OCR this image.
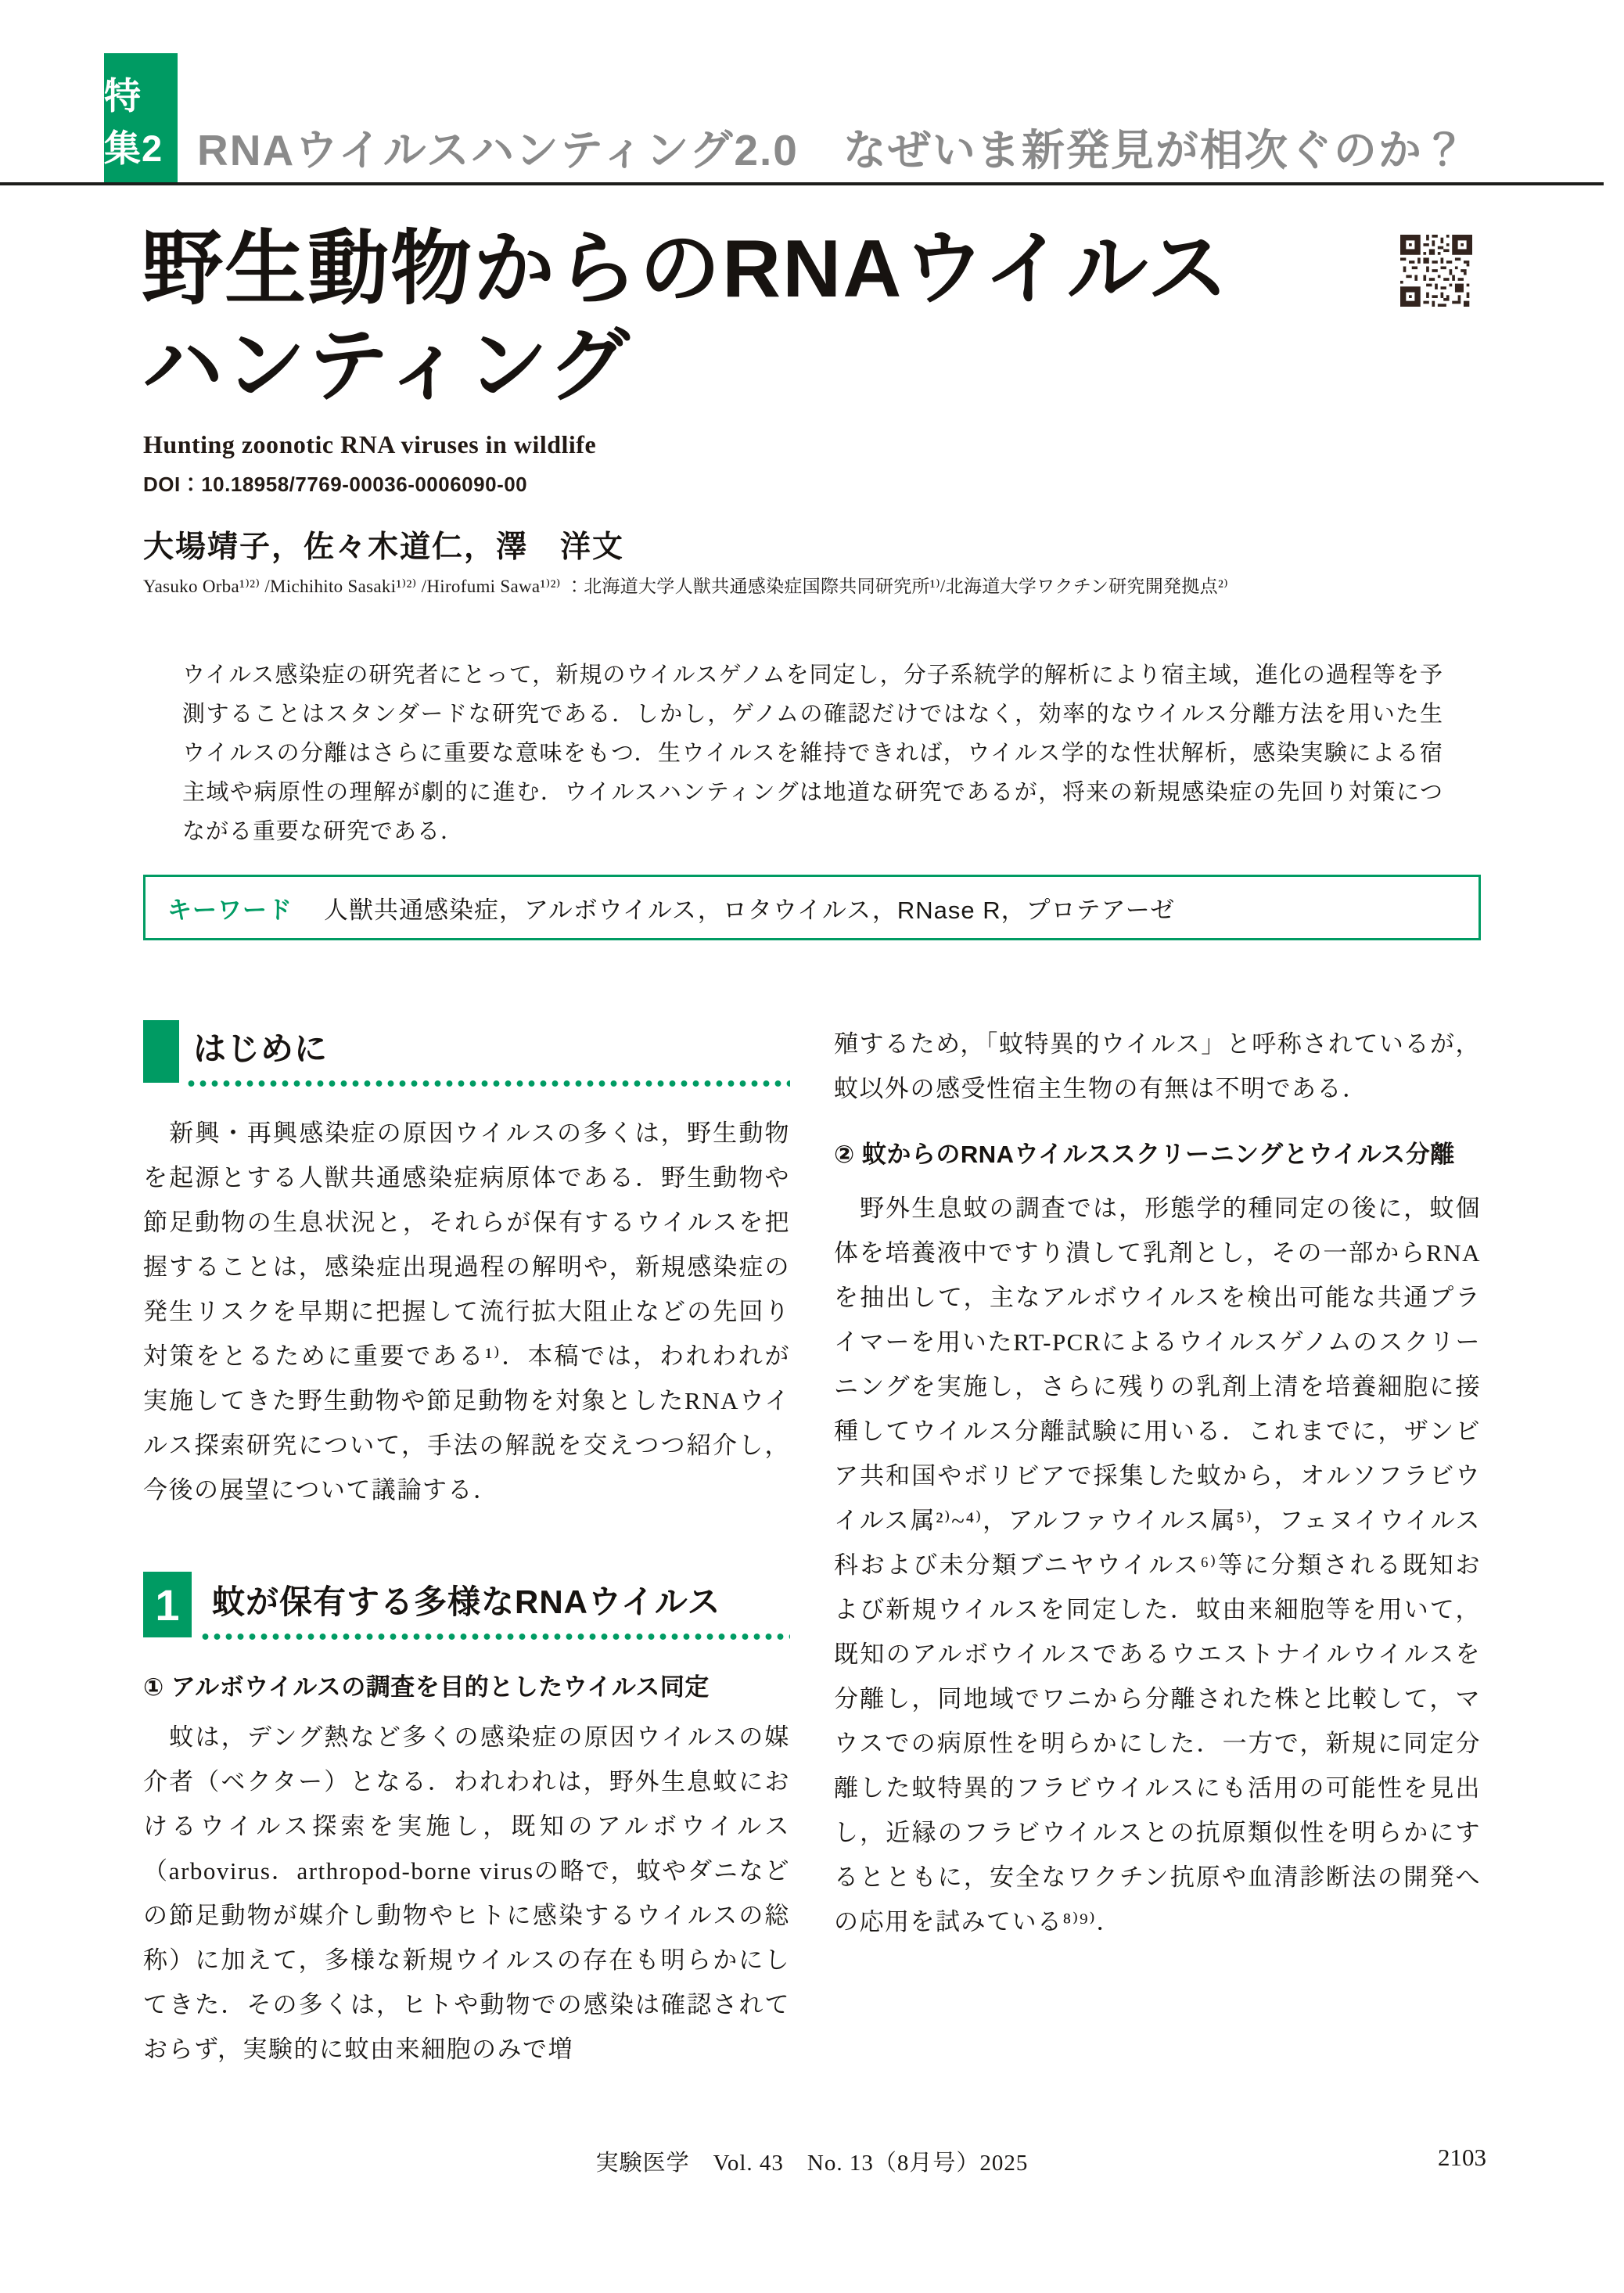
特集2 RNAウイルスハンティング2.0　なぜいま新発見が相次ぐのか？
野生動物からのRNAウイルス
ハンティング
Hunting zoonotic RNA viruses in wildlife
DOI：10.18958/7769-00036-0006090-00
大場靖子，佐々木道仁，澤　洋文
Yasuko Orba¹⁾²⁾ /Michihito Sasaki¹⁾²⁾ /Hirofumi Sawa¹⁾²⁾ ：北海道大学人獣共通感染症国際共同研究所¹⁾/北海道大学ワクチン研究開発拠点²⁾
ウイルス感染症の研究者にとって，新規のウイルスゲノムを同定し，分子系統学的解析により宿主域，進化の過程等を予測することはスタンダードな研究である．しかし，ゲノムの確認だけではなく，効率的なウイルス分離方法を用いた生ウイルスの分離はさらに重要な意味をもつ．生ウイルスを維持できれば，ウイルス学的な性状解析，感染実験による宿主域や病原性の理解が劇的に進む．ウイルスハンティングは地道な研究であるが，将来の新規感染症の先回り対策につながる重要な研究である．
キーワード 人獣共通感染症，アルボウイルス，ロタウイルス，RNase R，プロテアーゼ
はじめに
　新興・再興感染症の原因ウイルスの多くは，野生動物を起源とする人獣共通感染症病原体である．野生動物や節足動物の生息状況と，それらが保有するウイルスを把握することは，感染症出現過程の解明や，新規感染症の発生リスクを早期に把握して流行拡大阻止などの先回り対策をとるために重要である¹⁾．本稿では，われわれが実施してきた野生動物や節足動物を対象としたRNAウイルス探索研究について，手法の解説を交えつつ紹介し，今後の展望について議論する．
1 蚊が保有する多様なRNAウイルス
① アルボウイルスの調査を目的としたウイルス同定
　蚊は，デング熱など多くの感染症の原因ウイルスの媒介者（ベクター）となる．われわれは，野外生息蚊におけるウイルス探索を実施し，既知のアルボウイルス（arbovirus．arthropod-borne virusの略で，蚊やダニなどの節足動物が媒介し動物やヒトに感染するウイルスの総称）に加えて，多様な新規ウイルスの存在も明らかにしてきた．その多くは，ヒトや動物での感染は確認されておらず，実験的に蚊由来細胞のみで増
殖するため，「蚊特異的ウイルス」と呼称されているが，蚊以外の感受性宿主生物の有無は不明である．
② 蚊からのRNAウイルススクリーニングとウイルス分離
　野外生息蚊の調査では，形態学的種同定の後に，蚊個体を培養液中ですり潰して乳剤とし，その一部からRNAを抽出して，主なアルボウイルスを検出可能な共通プライマーを用いたRT-PCRによるウイルスゲノムのスクリーニングを実施し，さらに残りの乳剤上清を培養細胞に接種してウイルス分離試験に用いる．これまでに，ザンビア共和国やボリビアで採集した蚊から，オルソフラビウイルス属²⁾~⁴⁾，アルファウイルス属⁵⁾，フェヌイウイルス科および未分類ブニヤウイルス⁶⁾等に分類される既知および新規ウイルスを同定した．蚊由来細胞等を用いて，既知のアルボウイルスであるウエストナイルウイルスを分離し，同地域でワニから分離された株と比較して，マウスでの病原性を明らかにした．一方で，新規に同定分離した蚊特異的フラビウイルスにも活用の可能性を見出し，近縁のフラビウイルスとの抗原類似性を明らかにするとともに，安全なワクチン抗原や血清診断法の開発への応用を試みている⁸⁾⁹⁾．
実験医学　Vol. 43　No. 13（8月号）2025	2103
